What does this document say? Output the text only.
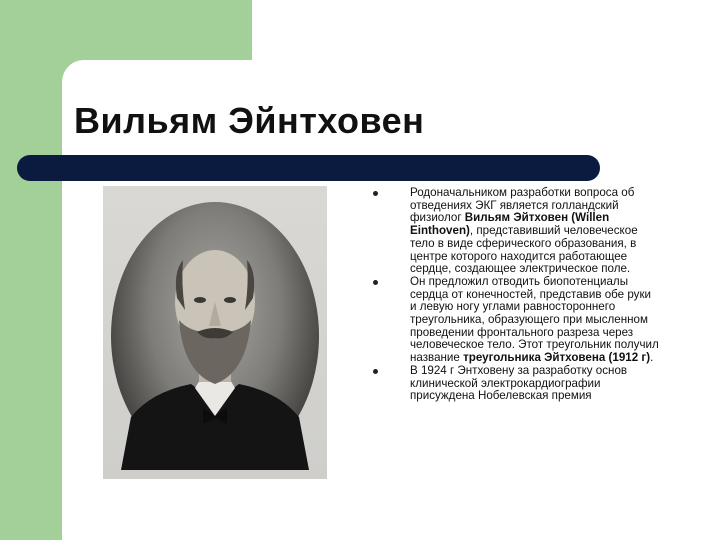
Вильям Эйнтховен
Родоначальником разработки вопроса об отведениях ЭКГ является голландский физиолог Вильям Эйтховен (Willen Einthoven), представивший человеческое тело в виде сферического образования, в центре которого находится работающее сердце, создающее электрическое поле.
Он предложил отводить биопотенциалы сердца от конечностей, представив обе руки и левую ногу углами равностороннего треугольника, образующего при мысленном проведении фронтального разреза через человеческое тело. Этот треугольник получил название треугольника Эйтховена (1912 г).
В 1924 г Энтховену за разработку основ клинической электрокардиографии присуждена Нобелевская премия
